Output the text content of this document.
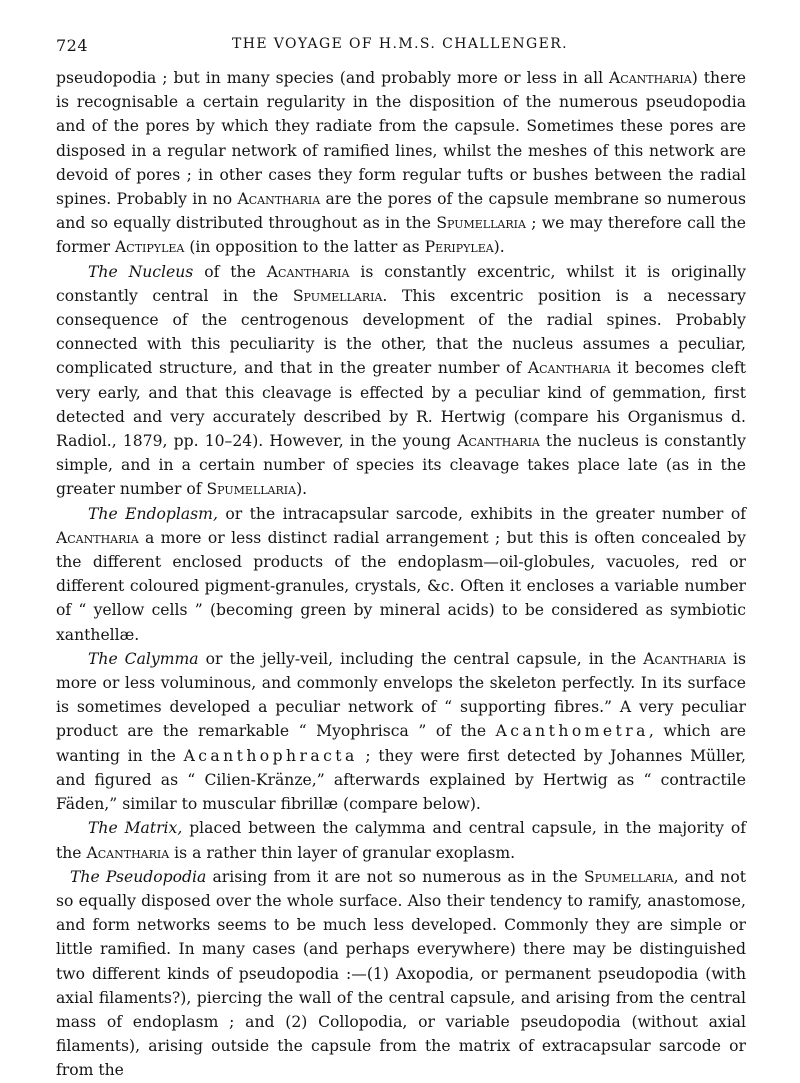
724	THE VOYAGE OF H.M.S. CHALLENGER.

pseudopodia ; but in many species (and probably more or less in all Acantharia) there is recognisable a certain regularity in the disposition of the numerous pseudopodia and of the pores by which they radiate from the capsule. Sometimes these pores are disposed in a regular network of ramified lines, whilst the meshes of this network are devoid of pores ; in other cases they form regular tufts or bushes between the radial spines. Probably in no Acantharia are the pores of the capsule membrane so numerous and so equally distributed throughout as in the Spumellaria ; we may therefore call the former Actipylea (in opposition to the latter as Peripylea).

The Nucleus of the Acantharia is constantly excentric, whilst it is originally constantly central in the Spumellaria. This excentric position is a necessary consequence of the centrogenous development of the radial spines. Probably connected with this peculiarity is the other, that the nucleus assumes a peculiar, complicated structure, and that in the greater number of Acantharia it becomes cleft very early, and that this cleavage is effected by a peculiar kind of gemmation, first detected and very accurately described by R. Hertwig (compare his Organismus d. Radiol., 1879, pp. 10–24). However, in the young Acantharia the nucleus is constantly simple, and in a certain number of species its cleavage takes place late (as in the greater number of Spumellaria).

The Endoplasm, or the intracapsular sarcode, exhibits in the greater number of Acantharia a more or less distinct radial arrangement ; but this is often concealed by the different enclosed products of the endoplasm—oil-globules, vacuoles, red or different coloured pigment-granules, crystals, &c. Often it encloses a variable number of “ yellow cells ” (becoming green by mineral acids) to be considered as symbiotic xanthellæ.

The Calymma or the jelly-veil, including the central capsule, in the Acantharia is more or less voluminous, and commonly envelops the skeleton perfectly. In its surface is sometimes developed a peculiar network of “ supporting fibres.” A very peculiar product are the remarkable “ Myophrisca ” of the Acanthometra, which are wanting in the Acanthophracta ; they were first detected by Johannes Müller, and figured as “ Cilien-Kränze,” afterwards explained by Hertwig as “ contractile Fäden,” similar to muscular fibrillæ (compare below).

The Matrix, placed between the calymma and central capsule, in the majority of the Acantharia is a rather thin layer of granular exoplasm.

The Pseudopodia arising from it are not so numerous as in the Spumellaria, and not so equally disposed over the whole surface. Also their tendency to ramify, anastomose, and form networks seems to be much less developed. Commonly they are simple or little ramified. In many cases (and perhaps everywhere) there may be distinguished two different kinds of pseudopodia :—(1) Axopodia, or permanent pseudopodia (with axial filaments?), piercing the wall of the central capsule, and arising from the central mass of endoplasm ; and (2) Collopodia, or variable pseudopodia (without axial filaments), arising outside the capsule from the matrix of extracapsular sarcode or from the
